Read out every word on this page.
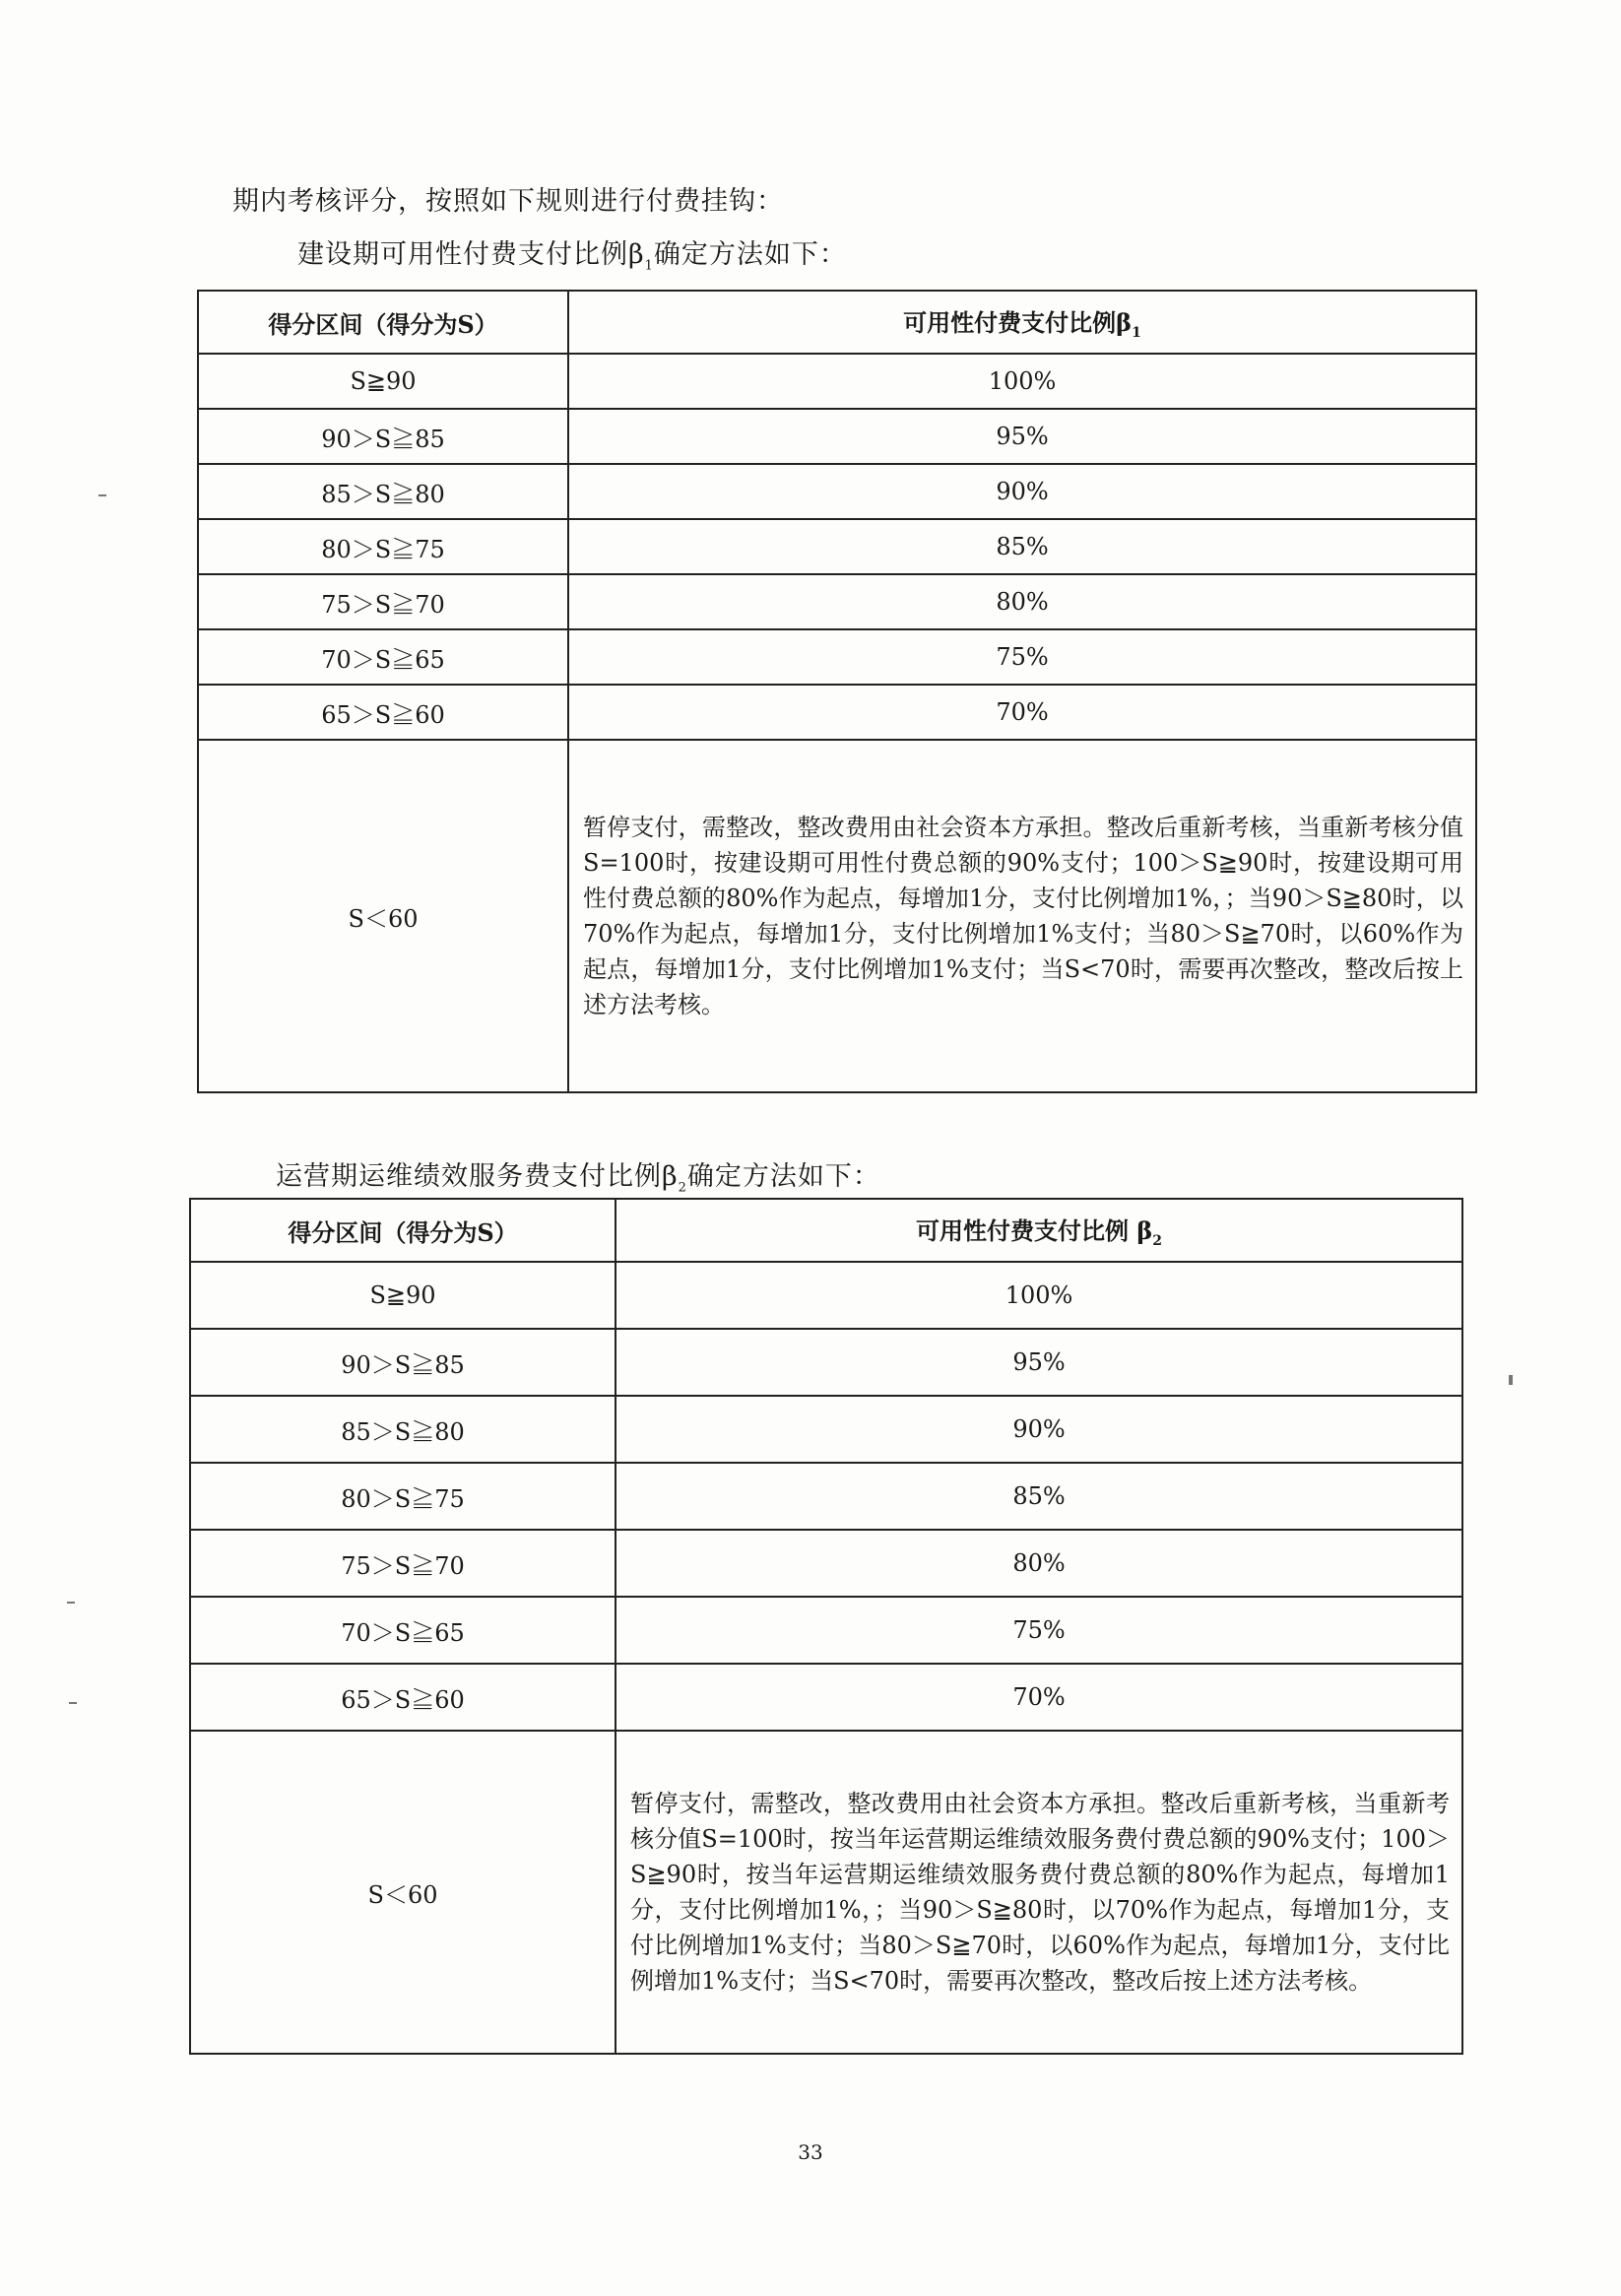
期内考核评分，按照如下规则进行付费挂钩：
建设期可用性付费支付比例$\beta_1$确定方法如下：
得分区间（得分为S）	可用性付费支付比例$\beta_1$
S≧90	100%
90＞S≧85	95%
85＞S≧80	90%
80＞S≧75	85%
75＞S≧70	80%
70＞S≧65	75%
65＞S≧60	70%
S＜60	暂停支付，需整改，整改费用由社会资本方承担。整改后重新考核，当重新考核分值S=100时，按建设期可用性付费总额的90%支付；100＞S≧90时，按建设期可用性付费总额的80%作为起点，每增加1分，支付比例增加1%，；当90＞S≧80时，以70%作为起点，每增加1分，支付比例增加1%支付；当80＞S≧70时，以60%作为起点，每增加1分，支付比例增加1%支付；当S<70时，需要再次整改，整改后按上述方法考核。
运营期运维绩效服务费支付比例$\beta_2$确定方法如下：
得分区间（得分为S）	可用性付费支付比例 $\beta_2$
S≧90	100%
90＞S≧85	95%
85＞S≧80	90%
80＞S≧75	85%
75＞S≧70	80%
70＞S≧65	75%
65＞S≧60	70%
S＜60	暂停支付，需整改，整改费用由社会资本方承担。整改后重新考核，当重新考核分值S=100时，按当年运营期运维绩效服务费付费总额的90%支付；100＞S≧90时，按当年运营期运维绩效服务费付费总额的80%作为起点，每增加1分，支付比例增加1%，；当90＞S≧80时，以70%作为起点，每增加1分，支付比例增加1%支付；当80＞S≧70时，以60%作为起点，每增加1分，支付比例增加1%支付；当S<70时，需要再次整改，整改后按上述方法考核。
33
